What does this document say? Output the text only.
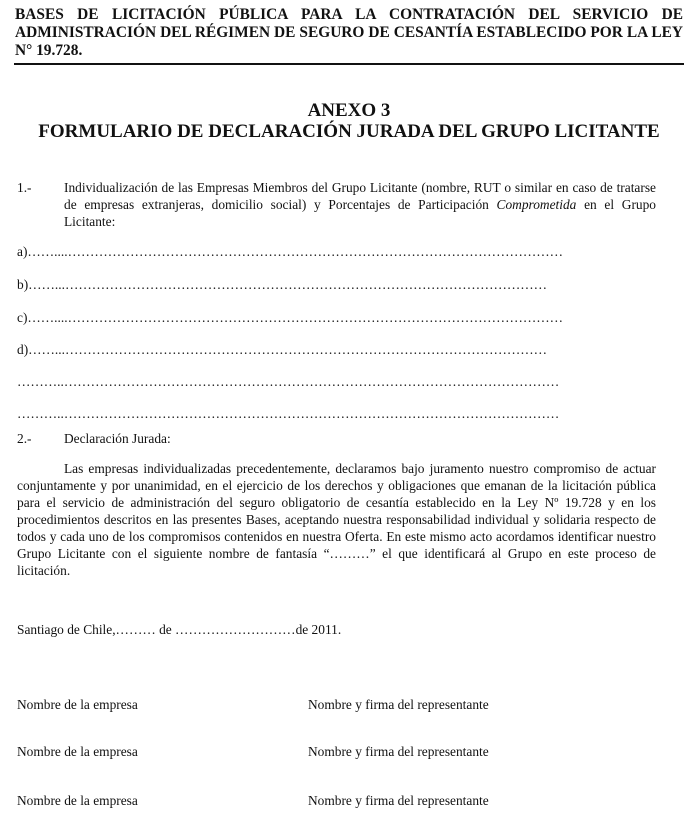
BASES DE LICITACIÓN PÚBLICA PARA LA CONTRATACIÓN DEL SERVICIO DE ADMINISTRACIÓN DEL RÉGIMEN DE SEGURO DE CESANTÍA ESTABLECIDO POR LA LEY N° 19.728.
ANEXO 3
FORMULARIO DE DECLARACIÓN JURADA DEL GRUPO LICITANTE
1.- Individualización de las Empresas Miembros del Grupo Licitante (nombre, RUT o similar en caso de tratarse de empresas extranjeras, domicilio social) y Porcentajes de Participación Comprometida en el Grupo Licitante:
a)……....…………………………………………………………………………………………………
b)……...………………………………………………………………………………………………
c)……....…………………………………………………………………………………………………
d)……...………………………………………………………………………………………………
………..…………………………………………………………………………………………………
………..…………………………………………………………………………………………………
2.- Declaración Jurada:
Las empresas individualizadas precedentemente, declaramos bajo juramento nuestro compromiso de actuar conjuntamente y por unanimidad, en el ejercicio de los derechos y obligaciones que emanan de la licitación pública para el servicio de administración del seguro obligatorio de cesantía establecido en la Ley Nº 19.728 y en los procedimientos descritos en las presentes Bases, aceptando nuestra responsabilidad individual y solidaria respecto de todos y cada uno de los compromisos contenidos en nuestra Oferta. En este mismo acto acordamos identificar nuestro Grupo Licitante con el siguiente nombre de fantasía “………” el que identificará al Grupo en este proceso de licitación.
Santiago de Chile,……… de ………………………de 2011.
Nombre de la empresa	Nombre y firma del representante
Nombre de la empresa	Nombre y firma del representante
Nombre de la empresa	Nombre y firma del representante
